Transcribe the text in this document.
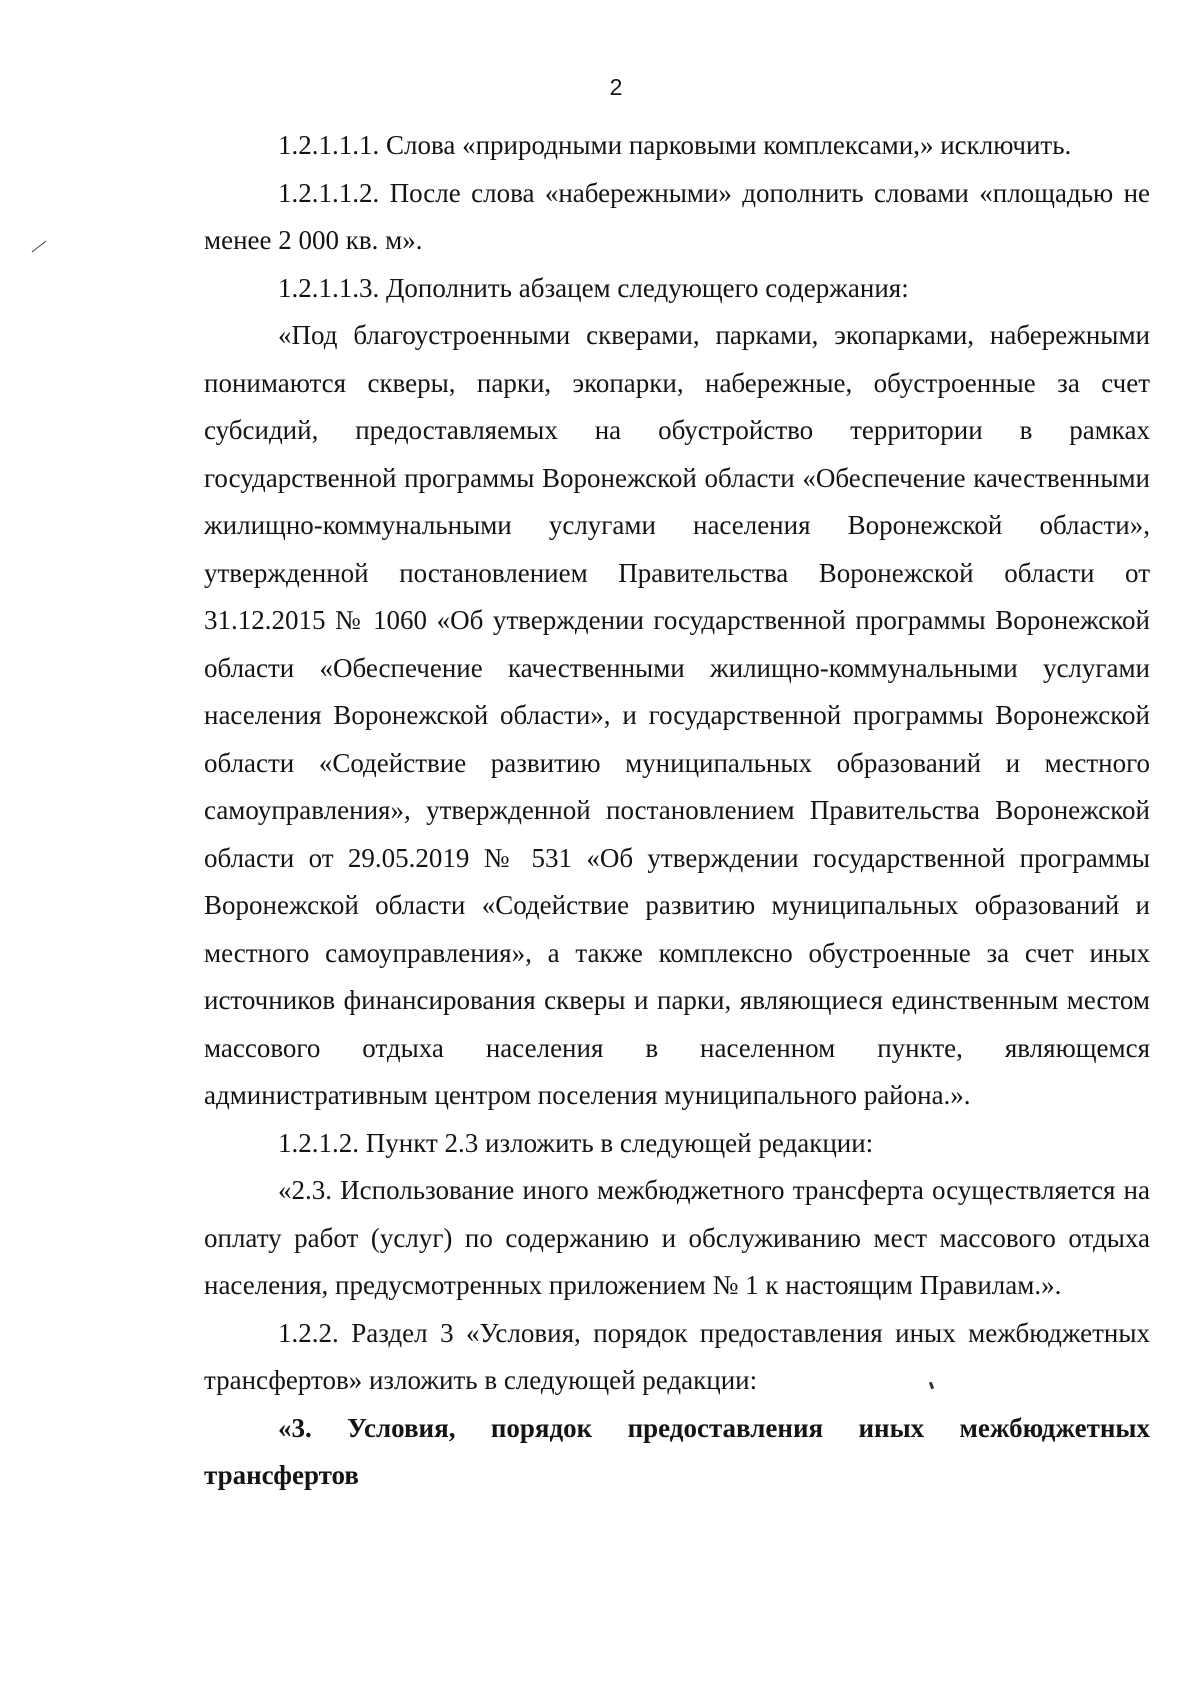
2

1.2.1.1.1. Слова «природными парковыми комплексами,» исключить.

1.2.1.1.2. После слова «набережными» дополнить словами «площадью не менее 2 000 кв. м».

1.2.1.1.3. Дополнить абзацем следующего содержания:

«Под благоустроенными скверами, парками, экопарками, набережными понимаются скверы, парки, экопарки, набережные, обустроенные за счет субсидий, предоставляемых на обустройство территории в рамках государственной программы Воронежской области «Обеспечение качественными жилищно-коммунальными услугами населения Воронежской области», утвержденной постановлением Правительства Воронежской области от 31.12.2015 № 1060 «Об утверждении государственной программы Воронежской области «Обеспечение качественными жилищно-коммунальными услугами населения Воронежской области», и государственной программы Воронежской области «Содействие развитию муниципальных образований и местного самоуправления», утвержденной постановлением Правительства Воронежской области от 29.05.2019 № 531 «Об утверждении государственной программы Воронежской области «Содействие развитию муниципальных образований и местного самоуправления», а также комплексно обустроенные за счет иных источников финансирования скверы и парки, являющиеся единственным местом массового отдыха населения в населенном пункте, являющемся административным центром поселения муниципального района.».

1.2.1.2. Пункт 2.3 изложить в следующей редакции:

«2.3. Использование иного межбюджетного трансферта осуществляется на оплату работ (услуг) по содержанию и обслуживанию мест массового отдыха населения, предусмотренных приложением № 1 к настоящим Правилам.».

1.2.2. Раздел 3 «Условия, порядок предоставления иных межбюджетных трансфертов» изложить в следующей редакции:

«3. Условия, порядок предоставления иных межбюджетных трансфертов
